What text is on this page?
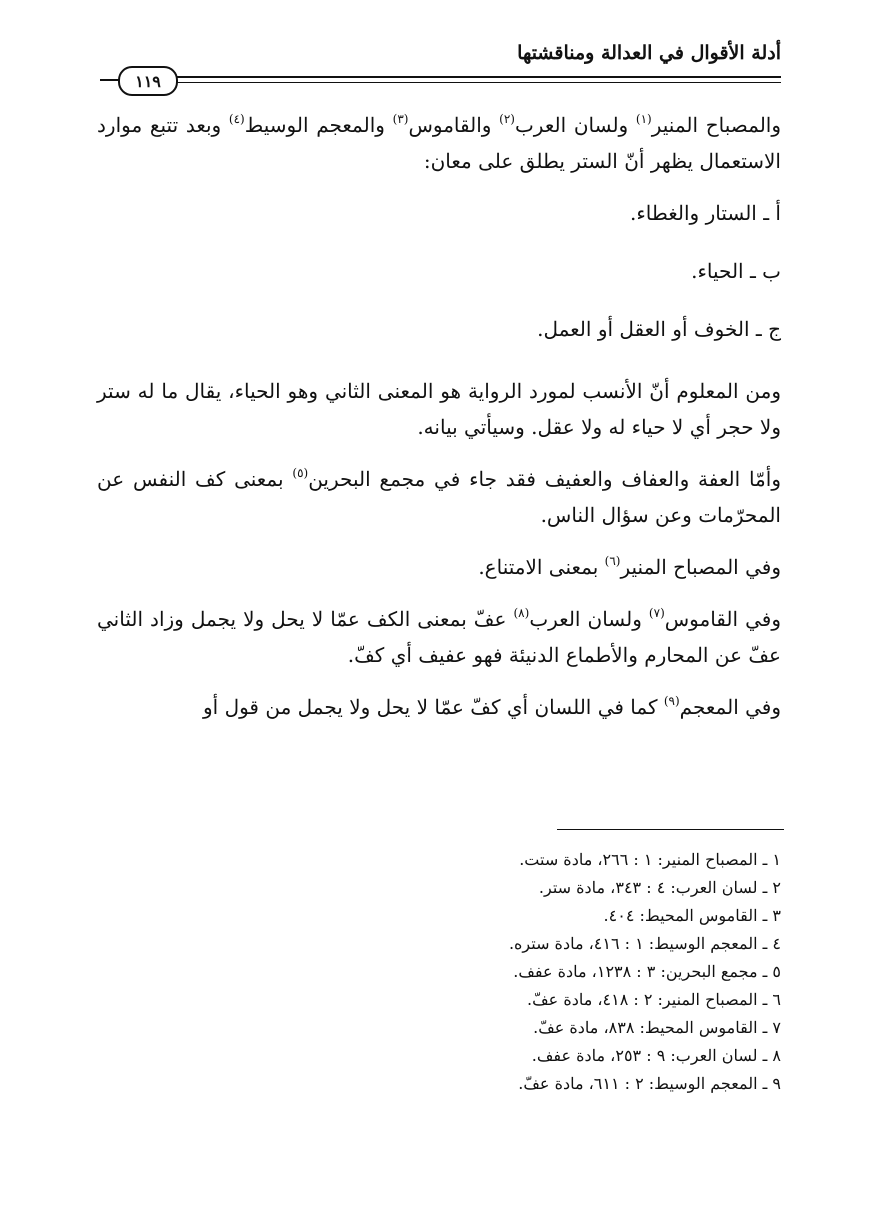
أدلة الأقوال في العدالة ومناقشتها
١١٩

والمصباح المنير$^{(١)}$ ولسان العرب$^{(٢)}$ والقاموس$^{(٣)}$ والمعجم الوسيط$^{(٤)}$ وبعد تتبع موارد الاستعمال يظهر أنّ الستر يطلق على معان:

أ ـ الستار والغطاء.

ب ـ الحياء.

ج ـ الخوف أو العقل أو العمل.

ومن المعلوم أنّ الأنسب لمورد الرواية هو المعنى الثاني وهو الحياء، يقال ما له ستر ولا حجر أي لا حياء له ولا عقل. وسيأتي بيانه.

وأمّا العفة والعفاف والعفيف فقد جاء في مجمع البحرين$^{(٥)}$ بمعنى كف النفس عن المحرّمات وعن سؤال الناس.

وفي المصباح المنير$^{(٦)}$ بمعنى الامتناع.

وفي القاموس$^{(٧)}$ ولسان العرب$^{(٨)}$ عفّ بمعنى الكف عمّا لا يحل ولا يجمل وزاد الثاني عفّ عن المحارم والأطماع الدنيئة فهو عفيف أي كفّ.

وفي المعجم$^{(٩)}$ كما في اللسان أي كفّ عمّا لا يحل ولا يجمل من قول أو

١ ـ المصباح المنير: ١ : ٢٦٦، مادة ستت.
٢ ـ لسان العرب: ٤ : ٣٤٣، مادة ستر.
٣ ـ القاموس المحيط: ٤٠٤.
٤ ـ المعجم الوسيط: ١ : ٤١٦، مادة ستره.
٥ ـ مجمع البحرين: ٣ : ١٢٣٨، مادة عفف.
٦ ـ المصباح المنير: ٢ : ٤١٨، مادة عفّ.
٧ ـ القاموس المحيط: ٨٣٨، مادة عفّ.
٨ ـ لسان العرب: ٩ : ٢٥٣، مادة عفف.
٩ ـ المعجم الوسيط: ٢ : ٦١١، مادة عفّ.
